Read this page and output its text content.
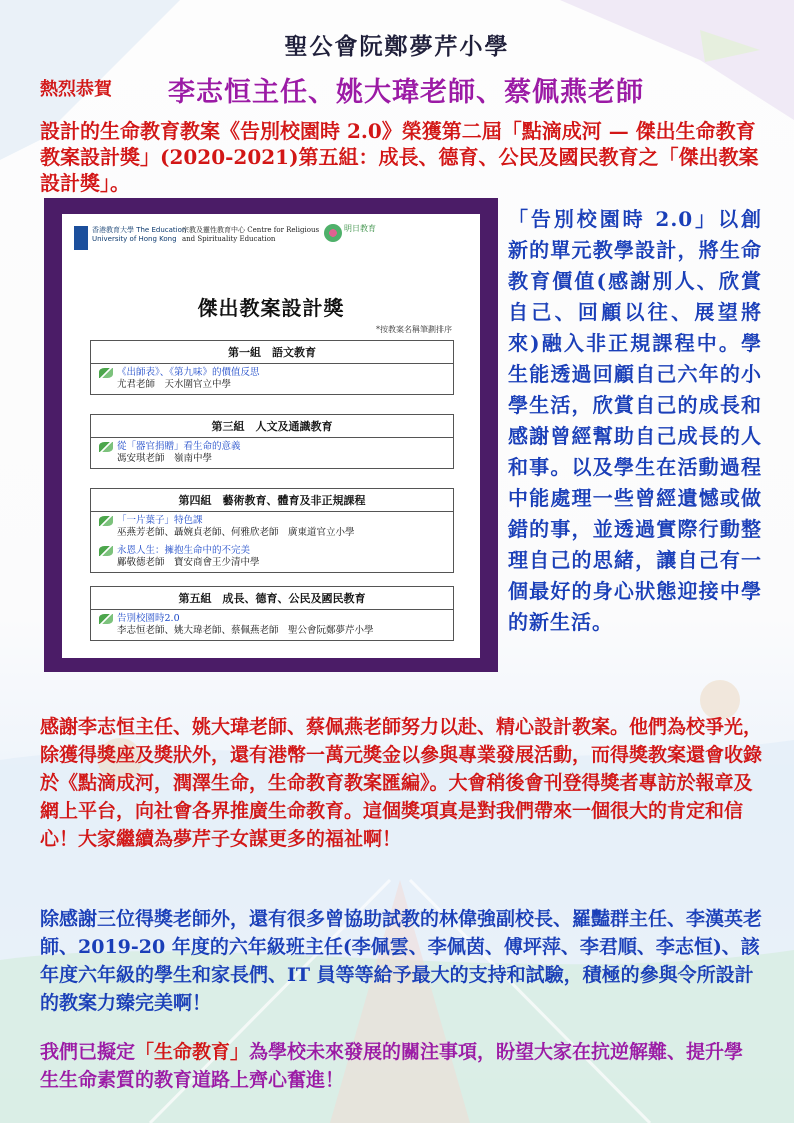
聖公會阮鄭夢芹小學
熱烈恭賀 李志恒主任、姚大瑋老師、蔡佩燕老師
設計的生命教育教案《告別校園時 2.0》榮獲第二屆「點滴成河 — 傑出生命教育教案設計獎」(2020-2021)第五組：成長、德育、公民及國民教育之「傑出教案設計獎」。
香港教育大學 The Education University of Hong Kong
宗教及靈性教育中心 Centre for Religious and Spirituality Education
明日教育
傑出教案設計獎
*按教案名稱筆劃排序
第一組　語文教育
《出師表》、《第九味》的價值反思
尤君老師　天水圍官立中學
第三組　人文及通識教育
從「器官捐贈」看生命的意義
馮安琪老師　嶺南中學
第四組　藝術教育、體育及非正規課程
「一片葉子」特色課
巫燕芳老師、聶婉貞老師、何雅欣老師　廣東道官立小學
永恩人生：擁抱生命中的不完美
鄺敬德老師　寶安商會王少清中學
第五組　成長、德育、公民及國民教育
告別校園時2.0
李志恒老師、姚大瑋老師、蔡佩燕老師　聖公會阮鄭夢芹小學
「告別校園時 2.0」以創新的單元教學設計，將生命教育價值(感謝別人、欣賞自己、回顧以往、展望將來)融入非正規課程中。學生能透過回顧自己六年的小學生活，欣賞自己的成長和感謝曾經幫助自己成長的人和事。以及學生在活動過程中能處理一些曾經遺憾或做錯的事，並透過實際行動整理自己的思緒，讓自己有一個最好的身心狀態迎接中學的新生活。
感謝李志恒主任、姚大瑋老師、蔡佩燕老師努力以赴、精心設計教案。他們為校爭光，除獲得獎座及獎狀外，還有港幣一萬元獎金以參與專業發展活動，而得獎教案還會收錄於《點滴成河，潤澤生命，生命教育教案匯編》。大會稍後會刊登得獎者專訪於報章及網上平台，向社會各界推廣生命教育。這個獎項真是對我們帶來一個很大的肯定和信心！大家繼續為夢芹子女謀更多的福祉啊！
除感謝三位得獎老師外，還有很多曾協助試教的林偉強副校長、羅豔群主任、李漢英老師、2019-20 年度的六年級班主任(李佩雲、李佩茵、傅坪萍、李君順、李志恒)、該年度六年級的學生和家長們、IT 員等等給予最大的支持和試驗，積極的參與令所設計的教案力臻完美啊！
我們已擬定「生命教育」為學校未來發展的關注事項，盼望大家在抗逆解難、提升學生生命素質的教育道路上齊心奮進！
